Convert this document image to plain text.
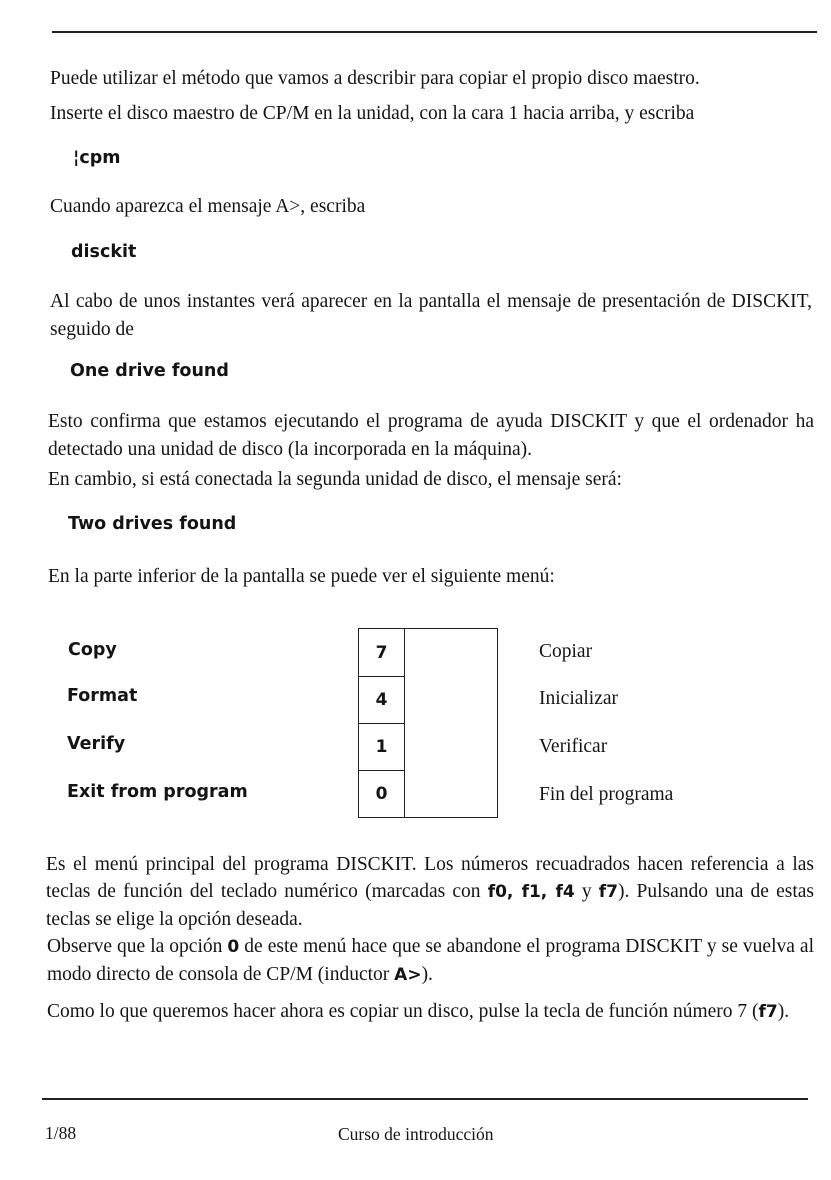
Puede utilizar el método que vamos a describir para copiar el propio disco maestro.
Inserte el disco maestro de CP/M en la unidad, con la cara 1 hacia arriba, y escriba
¦cpm
Cuando aparezca el mensaje A>, escriba
disckit
Al cabo de unos instantes verá aparecer en la pantalla el mensaje de presentación de DISCKIT, seguido de
One drive found
Esto confirma que estamos ejecutando el programa de ayuda DISCKIT y que el ordenador ha detectado una unidad de disco (la incorporada en la máquina).
En cambio, si está conectada la segunda unidad de disco, el mensaje será:
Two drives found
En la parte inferior de la pantalla se puede ver el siguiente menú:
Copy
Format
Verify
Exit from program
7
4
1
0
Copiar
Inicializar
Verificar
Fin del programa
Es el menú principal del programa DISCKIT. Los números recuadrados hacen referencia a las teclas de función del teclado numérico (marcadas con f0, f1, f4 y f7). Pulsando una de estas teclas se elige la opción deseada.
Observe que la opción 0 de este menú hace que se abandone el programa DISCKIT y se vuelva al modo directo de consola de CP/M (inductor A>).
Como lo que queremos hacer ahora es copiar un disco, pulse la tecla de función número 7 (f7).
1/88	Curso de introducción
